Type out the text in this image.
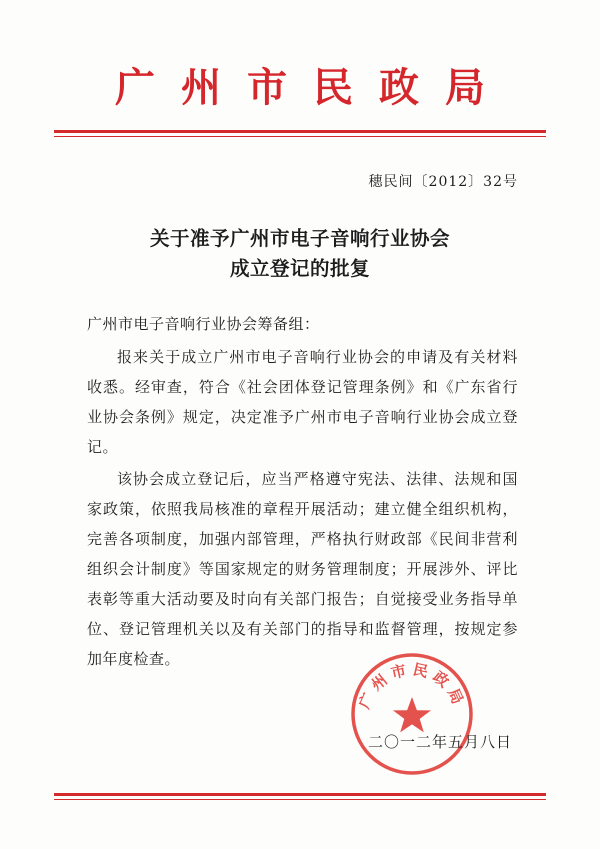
广州市民政局
穗民间〔2012〕32号
关于准予广州市电子音响行业协会
成立登记的批复
广州市电子音响行业协会筹备组：

报来关于成立广州市电子音响行业协会的申请及有关材料收悉。经审查，符合《社会团体登记管理条例》和《广东省行业协会条例》规定，决定准予广州市电子音响行业协会成立登记。

该协会成立登记后，应当严格遵守宪法、法律、法规和国家政策，依照我局核准的章程开展活动；建立健全组织机构，完善各项制度，加强内部管理，严格执行财政部《民间非营利组织会计制度》等国家规定的财务管理制度；开展涉外、评比表彰等重大活动要及时向有关部门报告；自觉接受业务指导单位、登记管理机关以及有关部门的指导和监督管理，按规定参加年度检查。

广州市民政局
二〇一二年五月八日
